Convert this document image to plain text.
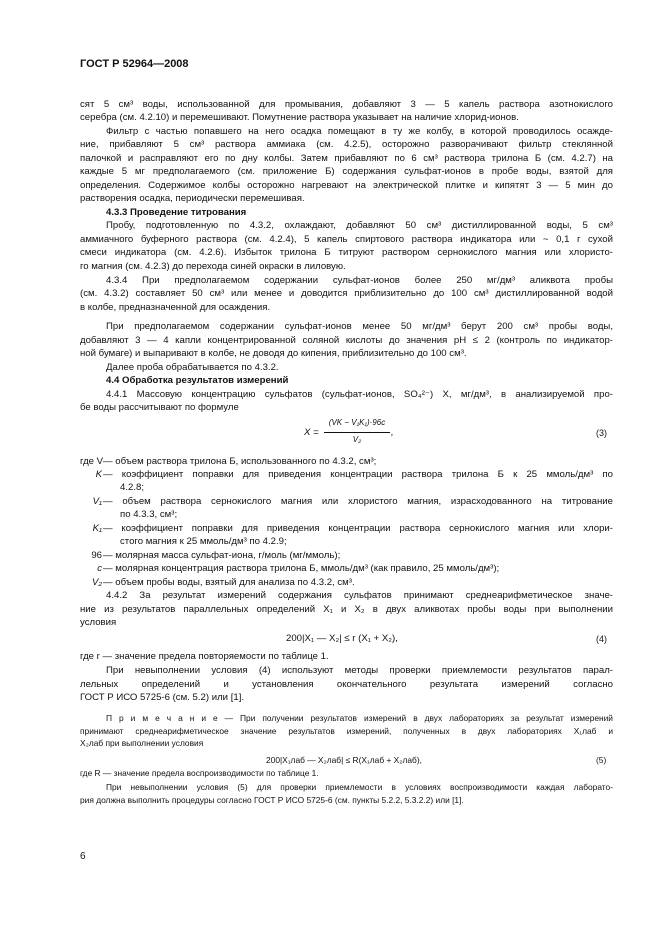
ГОСТ Р 52964—2008
сят 5 см³ воды, использованной для промывания, добавляют 3 — 5 капель раствора азотнокислого
серебра (см. 4.2.10) и перемешивают. Помутнение раствора указывает на наличие хлорид-ионов.
Фильтр с частью попавшего на него осадка помещают в ту же колбу, в которой проводилось осажде-
ние, прибавляют 5 см³ раствора аммиака (см. 4.2.5), осторожно разворачивают фильтр стеклянной
палочкой и расправляют его по дну колбы. Затем прибавляют по 6 см³ раствора трилона Б (см. 4.2.7) на
каждые 5 мг предполагаемого (см. приложение Б) содержания сульфат-ионов в пробе воды, взятой для
определения. Содержимое колбы осторожно нагревают на электрической плитке и кипятят 3 — 5 мин до
растворения осадка, периодически перемешивая.
4.3.3 Проведение титрования
Пробу, подготовленную по 4.3.2, охлаждают, добавляют 50 см³ дистиллированной воды, 5 см³
аммиачного буферного раствора (см. 4.2.4), 5 капель спиртового раствора индикатора или ~ 0,1 г сухой
смеси индикатора (см. 4.2.6). Избыток трилона Б титруют раствором сернокислого магния или хлористо-
го магния (см. 4.2.3) до перехода синей окраски в лиловую.
4.3.4 При предполагаемом содержании сульфат-ионов более 250 мг/дм³ аликвота пробы
(см. 4.3.2) составляет 50 см³ или менее и доводится приблизительно до 100 см³ дистиллированной водой
в колбе, предназначенной для осаждения.
При предполагаемом содержании сульфат-ионов менее 50 мг/дм³ берут 200 см³ пробы воды,
добавляют 3 — 4 капли концентрированной соляной кислоты до значения рН ≤ 2 (контроль по индикатор-
ной бумаге) и выпаривают в колбе, не доводя до кипения, приблизительно до 100 см³.
Далее проба обрабатывается по 4.3.2.
4.4 Обработка результатов измерений
4.4.1 Массовую концентрацию сульфатов (сульфат-ионов, SO₄²⁻) X, мг/дм³, в анализируемой про-
бе воды рассчитывают по формуле
X =
(VK − V₁K₁)·96c
V₂
,	(3)
где V — объем раствора трилона Б, использованного по 4.3.2, см³;
K — коэффициент поправки для приведения концентрации раствора трилона Б к 25 ммоль/дм³ по
4.2.8;
V₁ — объем раствора сернокислого магния или хлористого магния, израсходованного на титрование
по 4.3.3, см³;
K₁ — коэффициент поправки для приведения концентрации раствора сернокислого магния или хлори-
стого магния к 25 ммоль/дм³ по 4.2.9;
96 — молярная масса сульфат-иона, г/моль (мг/ммоль);
c — молярная концентрация раствора трилона Б, ммоль/дм³ (как правило, 25 ммоль/дм³);
V₂ — объем пробы воды, взятый для анализа по 4.3.2, см³.
4.4.2 За результат измерений содержания сульфатов принимают среднеарифметическое значе-
ние из результатов параллельных определений X₁ и X₂ в двух аликвотах пробы воды при выполнении
условия
200|X₁ — X₂| ≤ r (X₁ + X₂),	(4)
где r — значение предела повторяемости по таблице 1.
При невыполнении условия (4) используют методы проверки приемлемости результатов парал-
лельных определений и установления окончательного результата измерений согласно
ГОСТ Р ИСО 5725-6 (см. 5.2) или [1].
П р и м е ч а н и е — При получении результатов измерений в двух лабораториях за результат измерений
принимают среднеарифметическое значение результатов измерений, полученных в двух лабораториях X₁лаб и
X₂лаб при выполнении условия
200|X₁лаб — X₂лаб| ≤ R(X₁лаб + X₂лаб),	(5)
где R — значение предела воспроизводимости по таблице 1.
При невыполнении условия (5) для проверки приемлемости в условиях воспроизводимости каждая лаборато-
рия должна выполнить процедуры согласно ГОСТ Р ИСО 5725-6 (см. пункты 5.2.2, 5.3.2.2) или [1].
6
